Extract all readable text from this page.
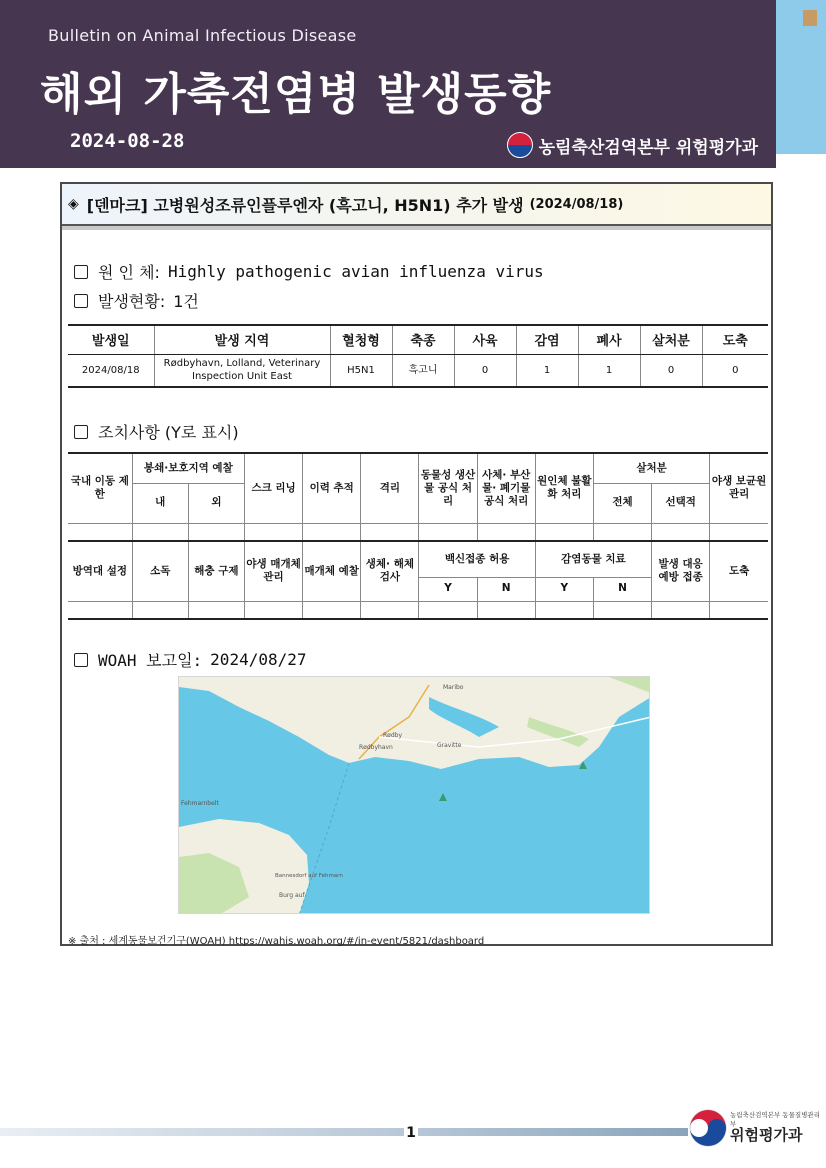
Bulletin on Animal Infectious Disease
해외 가축전염병 발생동향
2024-08-28	농림축산검역본부 위험평가과
◈ [덴마크] 고병원성조류인플루엔자 (흑고니, H5N1) 추가 발생 (2024/08/18)
원 인 체: Highly pathogenic avian influenza virus
발생현황: 1건
발생일	발생 지역	혈청형	축종	사육	감염	폐사	살처분	도축
2024/08/18	Rødbyhavn, Lolland, Veterinary Inspection Unit East	H5N1	흑고니	0	1	1	0	0
조치사항 (Y로 표시)
국내 이동 제한	봉쇄·보호지역 예찰		스크 리닝	이력 추적	격리	동물성 생산물 공식 처리	사체· 부산물· 폐기물 공식 처리	원인체 불활화 처리	살처분		야생 보균원 관리
	내	외							전체	선택적	

방역대 설정	소독	해충 구제	야생 매개체 관리	매개체 예찰	생체· 해체 검사	백신접종 허용		감염동물 치료		발생 대응 예방 접종	도축
						Y	N	Y	N		

WOAH 보고일: 2024/08/27
Maribo
Rødby
Rødbyhavn	Gravitte
Fehmarnbelt
Bannesdorf auf Fehmarn
Burg auf
※ 출처 : 세계동물보건기구(WOAH) https://wahis.woah.org/#/in-event/5821/dashboard
1
농림축산검역본부 동물질병관리부
위험평가과
